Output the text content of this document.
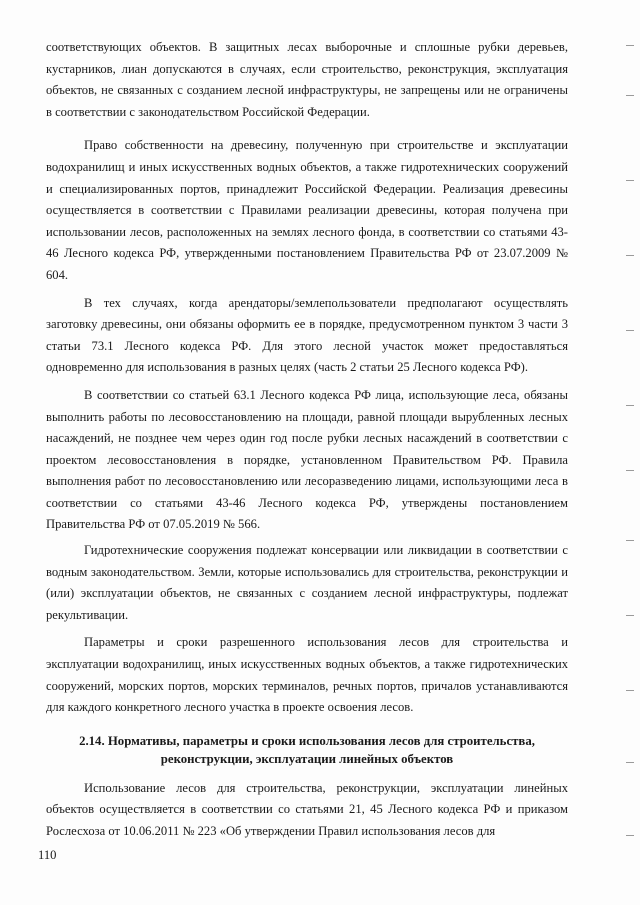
соответствующих объектов. В защитных лесах выборочные и сплошные рубки деревьев, кустарников, лиан допускаются в случаях, если строительство, реконструкция, эксплуатация объектов, не связанных с созданием лесной инфраструктуры, не запрещены или не ограничены в соответствии с законодательством Российской Федерации.

Право собственности на древесину, полученную при строительстве и эксплуатации водохранилищ и иных искусственных водных объектов, а также гидротехнических сооружений и специализированных портов, принадлежит Российской Федерации. Реализация древесины осуществляется в соответствии с Правилами реализации древесины, которая получена при использовании лесов, расположенных на землях лесного фонда, в соответствии со статьями 43-46 Лесного кодекса РФ, утвержденными постановлением Правительства РФ от 23.07.2009 № 604.

В тех случаях, когда арендаторы/землепользователи предполагают осуществлять заготовку древесины, они обязаны оформить ее в порядке, предусмотренном пунктом 3 части 3 статьи 73.1 Лесного кодекса РФ. Для этого лесной участок может предоставляться одновременно для использования в разных целях (часть 2 статьи 25 Лесного кодекса РФ).

В соответствии со статьей 63.1 Лесного кодекса РФ лица, использующие леса, обязаны выполнить работы по лесовосстановлению на площади, равной площади вырубленных лесных насаждений, не позднее чем через один год после рубки лесных насаждений в соответствии с проектом лесовосстановления в порядке, установленном Правительством РФ. Правила выполнения работ по лесовосстановлению или лесоразведению лицами, использующими леса в соответствии со статьями 43-46 Лесного кодекса РФ, утверждены постановлением Правительства РФ от 07.05.2019 № 566.

Гидротехнические сооружения подлежат консервации или ликвидации в соответствии с водным законодательством. Земли, которые использовались для строительства, реконструкции и (или) эксплуатации объектов, не связанных с созданием лесной инфраструктуры, подлежат рекультивации.

Параметры и сроки разрешенного использования лесов для строительства и эксплуатации водохранилищ, иных искусственных водных объектов, а также гидротехнических сооружений, морских портов, морских терминалов, речных портов, причалов устанавливаются для каждого конкретного лесного участка в проекте освоения лесов.

2.14. Нормативы, параметры и сроки использования лесов для строительства, реконструкции, эксплуатации линейных объектов

Использование лесов для строительства, реконструкции, эксплуатации линейных объектов осуществляется в соответствии со статьями 21, 45 Лесного кодекса РФ и приказом Рослесхоза от 10.06.2011 № 223 «Об утверждении Правил использования лесов для

110
